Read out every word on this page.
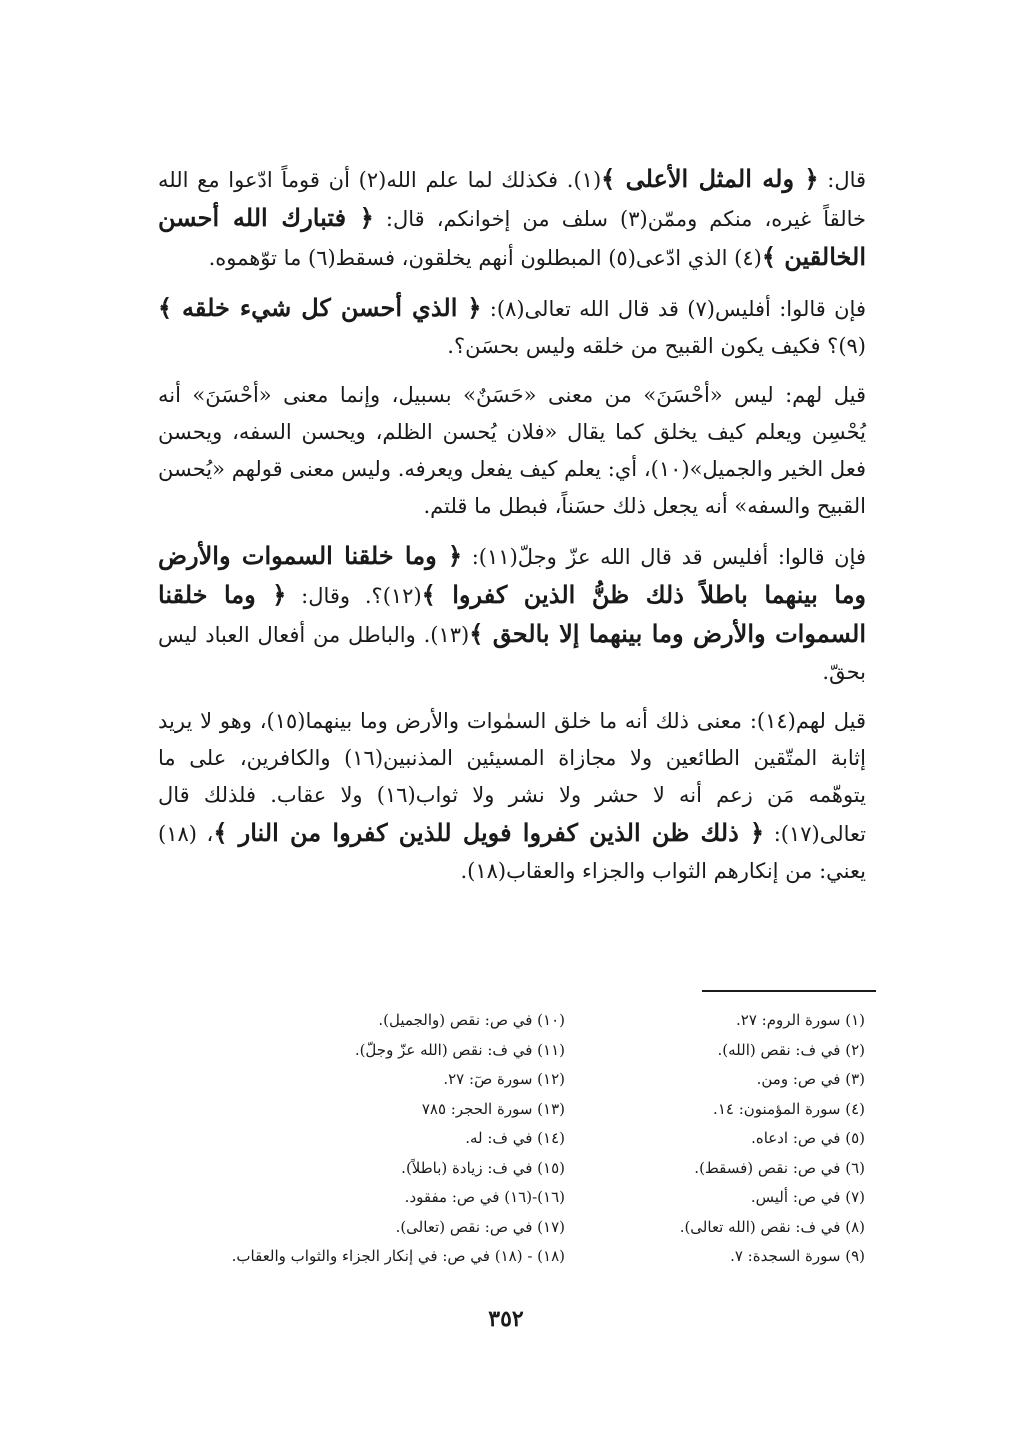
قال: ﴿ وله المثل الأعلى ﴾(١). فكذلك لما علم الله(٢) أن قوماً ادّعوا مع الله خالقاً غيره، منكم وممّن(٣) سلف من إخوانكم، قال: ﴿ فتبارك الله أحسن الخالقين ﴾(٤) الذي ادّعى(٥) المبطلون أنهم يخلقون، فسقط(٦) ما توّهموه.

فإن قالوا: أفليس(٧) قد قال الله تعالى(٨): ﴿ الذي أحسن كل شيء خلقه ﴾ (٩)؟ فكيف يكون القبيح من خلقه وليس بحسَن؟.

قيل لهم: ليس «أحْسَنَ» من معنى «حَسَنٌ» بسبيل، وإنما معنى «أحْسَنَ» أنه يُحْسِن ويعلم كيف يخلق كما يقال «فلان يُحسن الظلم، ويحسن السفه، ويحسن فعل الخير والجميل»(١٠)، أي: يعلم كيف يفعل ويعرفه. وليس معنى قولهم «يُحسن القبيح والسفه» أنه يجعل ذلك حسَناً، فبطل ما قلتم.

فإن قالوا: أفليس قد قال الله عزّ وجلّ(١١): ﴿ وما خلقنا السموات والأرض وما بينهما باطلاً ذلك ظنُّ الذين كفروا ﴾(١٢)؟. وقال: ﴿ وما خلقنا السموات والأرض وما بينهما إلا بالحق ﴾(١٣). والباطل من أفعال العباد ليس بحقّ.

قيل لهم(١٤): معنى ذلك أنه ما خلق السمٰوات والأرض وما بينهما(١٥)، وهو لا يريد إثابة المتّقين الطائعين ولا مجازاة المسيئين المذنبين(١٦) والكافرين، على ما يتوهّمه مَن زعم أنه لا حشر ولا نشر ولا ثواب(١٦) ولا عقاب. فلذلك قال تعالى(١٧): ﴿ ذلك ظن الذين كفروا فويل للذين كفروا من النار ﴾، (١٨) يعني: من إنكارهم الثواب والجزاء والعقاب(١٨).

(١) سورة الروم: ٢٧.
(٢) في ف: نقص (الله).
(٣) في ص: ومن.
(٤) سورة المؤمنون: ١٤.
(٥) في ص: ادعاه.
(٦) في ص: نقص (فسقط).
(٧) في ص: أليس.
(٨) في ف: نقص (الله تعالى).
(٩) سورة السجدة: ٧.
(١٠) في ص: نقص (والجميل).
(١١) في ف: نقص (الله عزّ وجلّ).
(١٢) سورة صٓ: ٢٧.
(١٣) سورة الحجر: ٧٨٥
(١٤) في ف: له.
(١٥) في ف: زيادة (باطلاً).
(١٦)-(١٦) في ص: مفقود.
(١٧) في ص: نقص (تعالى).
(١٨) - (١٨) في ص: في إنكار الجزاء والثواب والعقاب.
٣٥٢
